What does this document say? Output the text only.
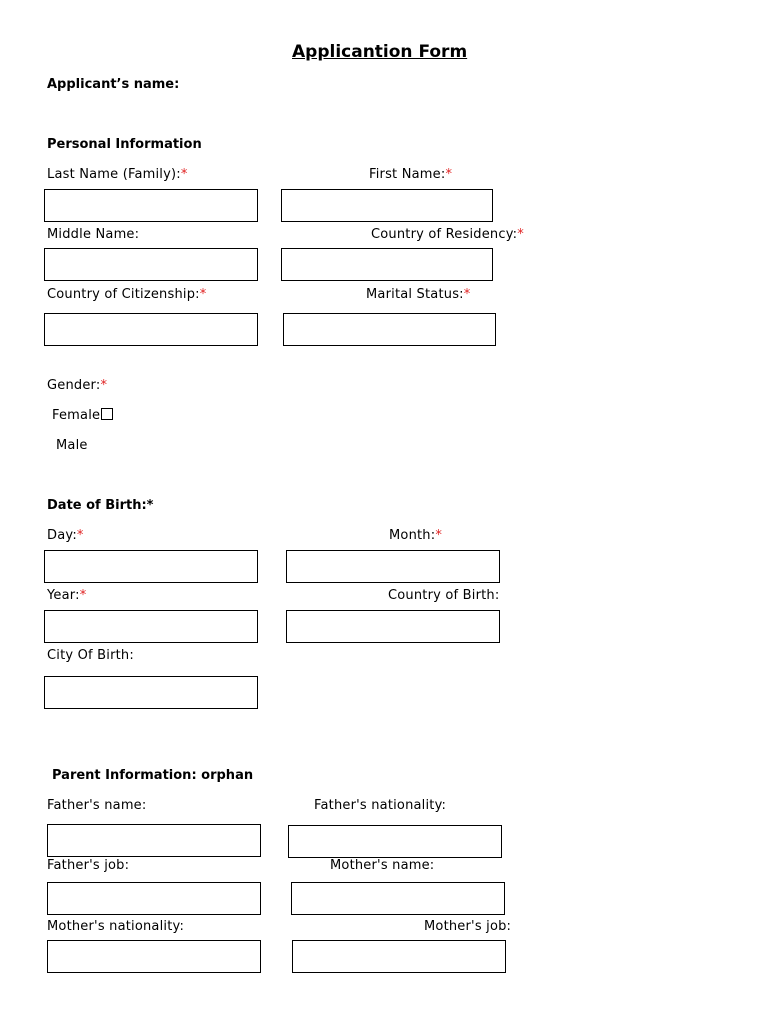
Applicantion Form
Applicant’s name:
Personal Information
Last Name (Family):*	First Name:*
Middle Name:	Country of Residency:*
Country of Citizenship:*	Marital Status:*
Gender:*
Female
Male
Date of Birth:*
Day:*	Month:*
Year:*	Country of Birth:
City Of Birth:
Parent Information: orphan
Father's name:	Father's nationality:
Father's job:	Mother's name:
Mother's nationality:	Mother's job:
